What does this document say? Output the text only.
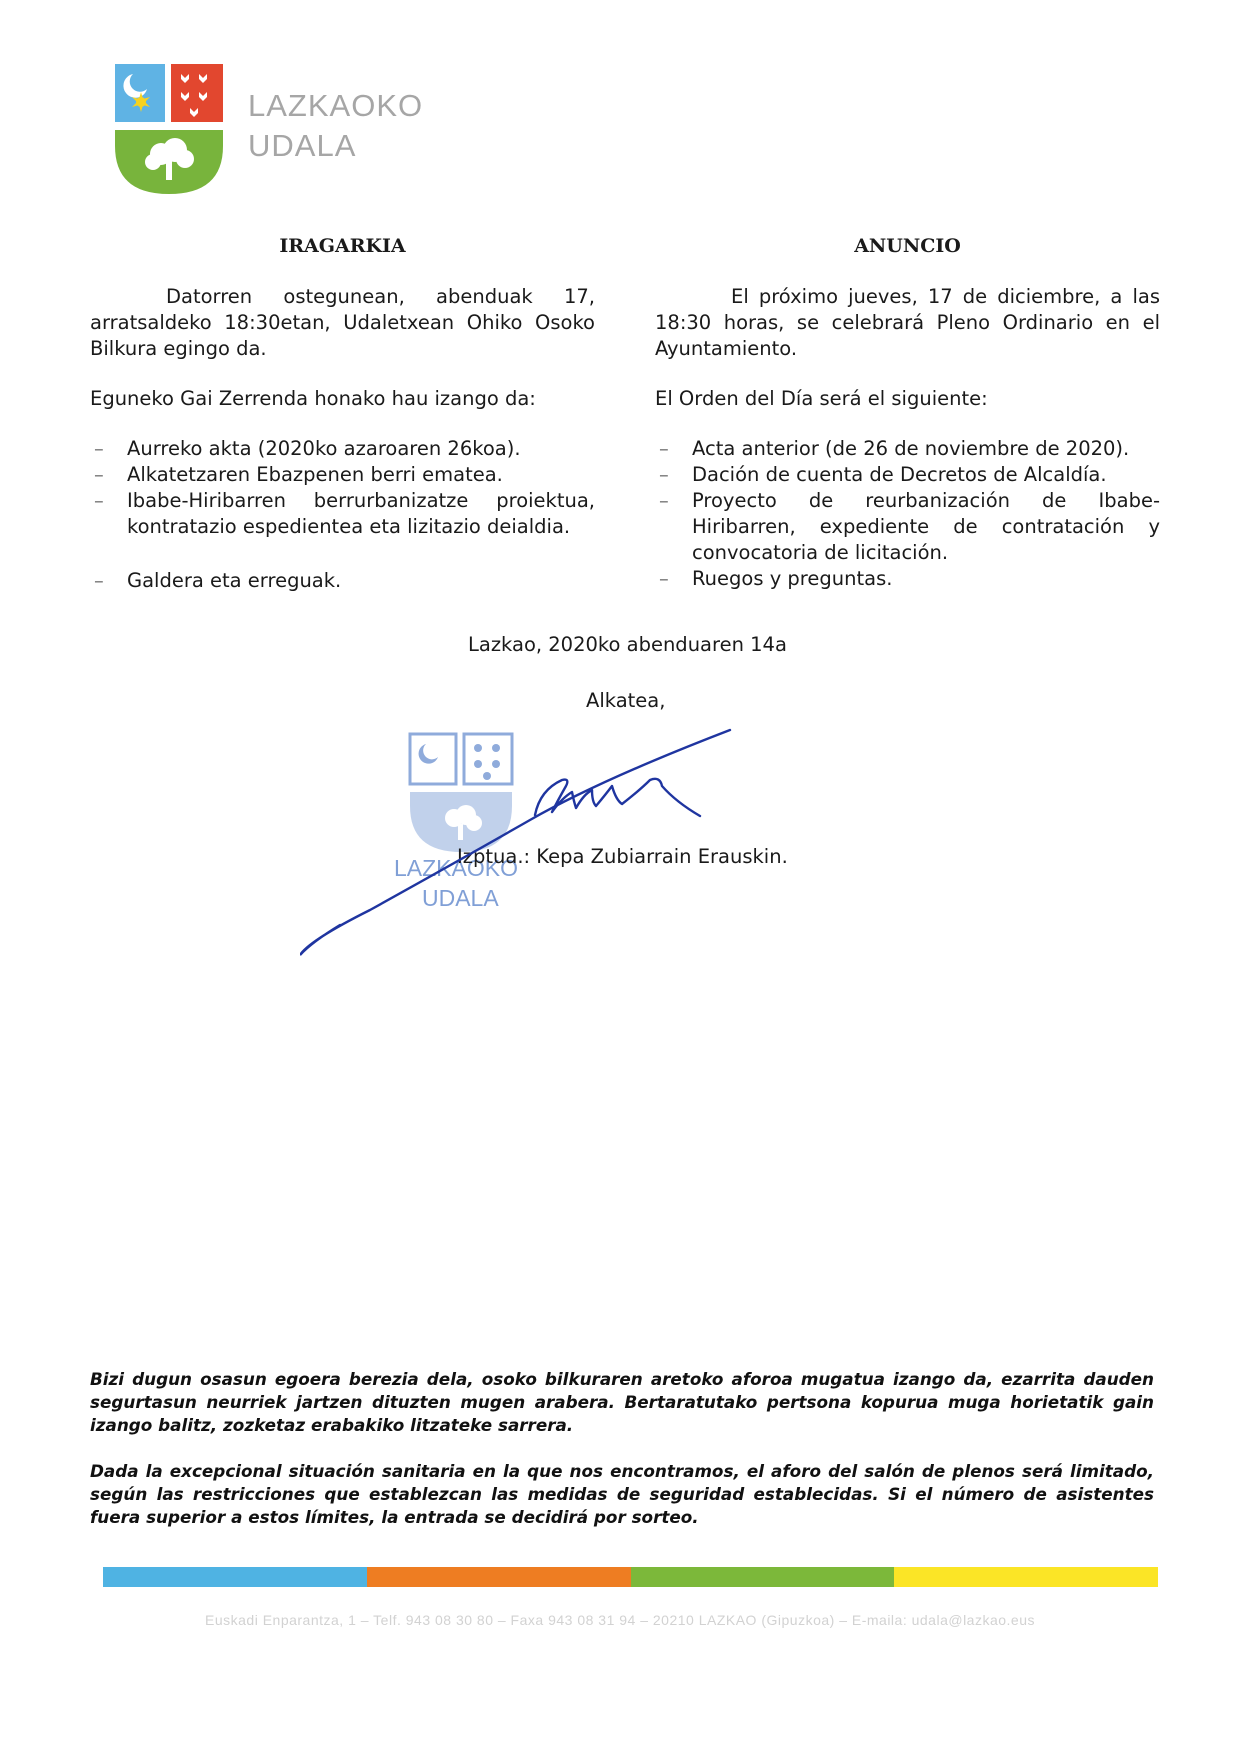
LAZKAOKO
UDALA
IRAGARKIA

Datorren ostegunean, abenduak 17, arratsaldeko 18:30etan, Udaletxean Ohiko Osoko Bilkura egingo da.

Eguneko Gai Zerrenda honako hau izango da:

– Aurreko akta (2020ko azaroaren 26koa).
– Alkatetzaren Ebazpenen berri ematea.
– Ibabe-Hiribarren berrurbanizatze proiektua, kontratazio espedientea eta lizitazio deialdia.
– Galdera eta erreguak.
ANUNCIO

El próximo jueves, 17 de diciembre, a las 18:30 horas, se celebrará Pleno Ordinario en el Ayuntamiento.

El Orden del Día será el siguiente:

– Acta anterior (de 26 de noviembre de 2020).
– Dación de cuenta de Decretos de Alcaldía.
– Proyecto de reurbanización de Ibabe-Hiribarren, expediente de contratación y convocatoria de licitación.
– Ruegos y preguntas.
Lazkao, 2020ko abenduaren 14a
Alkatea,
LAZKAOKO
UDALA
Izptua.: Kepa Zubiarrain Erauskin.
Bizi dugun osasun egoera berezia dela, osoko bilkuraren aretoko aforoa mugatua izango da, ezarrita dauden segurtasun neurriek jartzen dituzten mugen arabera. Bertaratutako pertsona kopurua muga horietatik gain izango balitz, zozketaz erabakiko litzateke sarrera.
Dada la excepcional situación sanitaria en la que nos encontramos, el aforo del salón de plenos será limitado, según las restricciones que establezcan las medidas de seguridad establecidas. Si el número de asistentes fuera superior a estos límites, la entrada se decidirá por sorteo.
Euskadi Enparantza, 1 – Telf. 943 08 30 80 – Faxa 943 08 31 94 – 20210 LAZKAO (Gipuzkoa) – E-maila: udala@lazkao.eus
